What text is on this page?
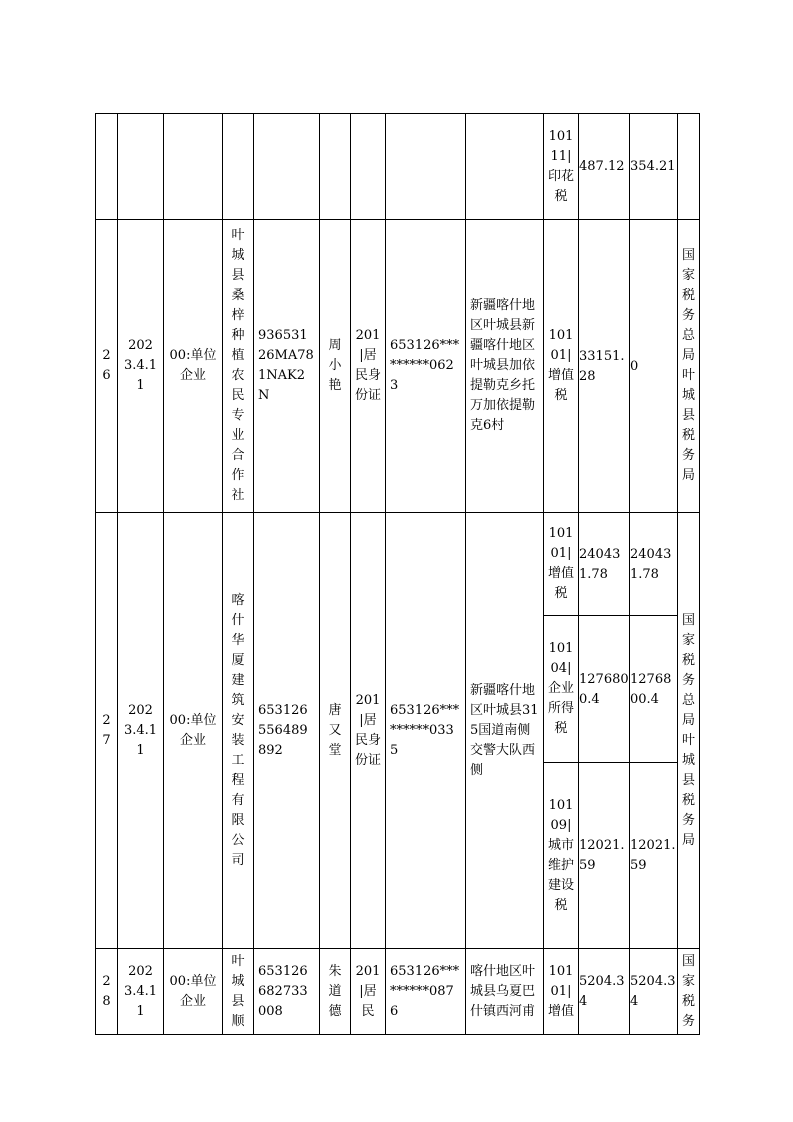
									10111|印花税	487.12	354.21	
26	2023.4.11	00:单位企业	叶城县桑梓种植农民专业合作社	93653126MA781NAK2N	周小艳	201|居民身份证	653126*********0623	新疆喀什地区叶城县新疆喀什地区叶城县加依提勒克乡托万加依提勒克6村	10101|增值税	33151.28	0	国家税务总局叶城县税务局
27	2023.4.11	00:单位企业	喀什华厦建筑安装工程有限公司	653126556489892	唐又堂	201|居民身份证	653126*********0335	新疆喀什地区叶城县315国道南侧交警大队西侧	10101|增值税	240431.78	240431.78	国家税务总局叶城县税务局
									10104|企业所得税	1276800.4	1276800.4	
									10109|城市维护建设税	12021.59	12021.59	
28	2023.4.11	00:单位企业	叶城县顺	653126682733008	朱道德	201|居民	653126*********0876	喀什地区叶城县乌夏巴什镇西河甫	10101|增值	5204.34	5204.34	国家税务
